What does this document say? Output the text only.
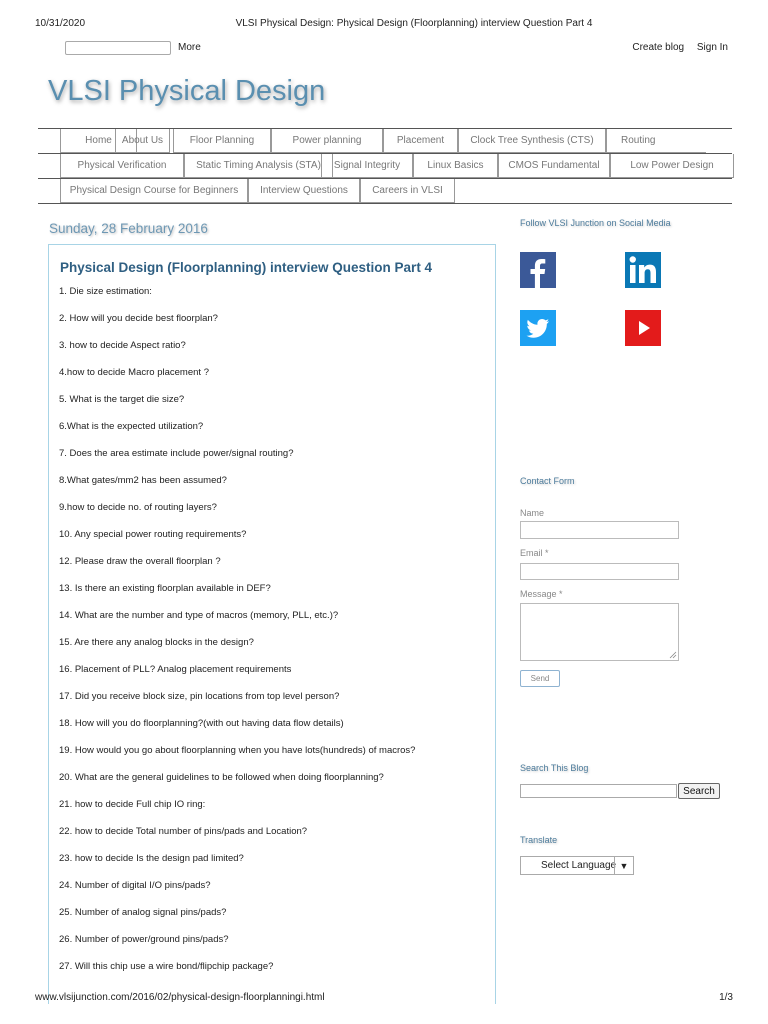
10/31/2020	VLSI Physical Design: Physical Design (Floorplanning) interview Question Part 4
More	Create blog Sign In
VLSI Physical Design
Home	About Us	Floor Planning	Power planning	Placement	Clock Tree Synthesis (CTS)	Routing
Physical Verification	Static Timing Analysis (STA)	Signal Integrity	Linux Basics	CMOS Fundamental	Low Power Design
Physical Design Course for Beginners	Interview Questions	Careers in VLSI
Sunday, 28 February 2016
Physical Design (Floorplanning) interview Question Part 4
1. Die size estimation:
2. How will you decide best floorplan?
3. how to decide Aspect ratio?
4.how to decide Macro placement ?
5. What is the target die size?
6.What is the expected utilization?
7. Does the area estimate include power/signal routing?
8.What gates/mm2 has been assumed?
9.how to decide no. of routing layers?
10. Any special power routing requirements?
12. Please draw the overall floorplan ?
13. Is there an existing floorplan available in DEF?
14. What are the number and type of macros (memory, PLL, etc.)?
15. Are there any analog blocks in the design?
16. Placement of PLL? Analog placement requirements
17. Did you receive block size, pin locations from top level person?
18. How will you do floorplanning?(with out having data flow details)
19. How would you go about floorplanning when you have lots(hundreds) of macros?
20. What are the general guidelines to be followed when doing floorplanning?
21. how to decide Full chip IO ring:
22. how to decide Total number of pins/pads and Location?
23. how to decide Is the design pad limited?
24. Number of digital I/O pins/pads?
25. Number of analog signal pins/pads?
26. Number of power/ground pins/pads?
27. Will this chip use a wire bond/flipchip package?
Follow VLSI Junction on Social Media
Contact Form
Name
Email *
Message *
Send
Search This Blog
Search
Translate
Select Language ▼
www.vlsijunction.com/2016/02/physical-design-floorplanningi.html	1/3
